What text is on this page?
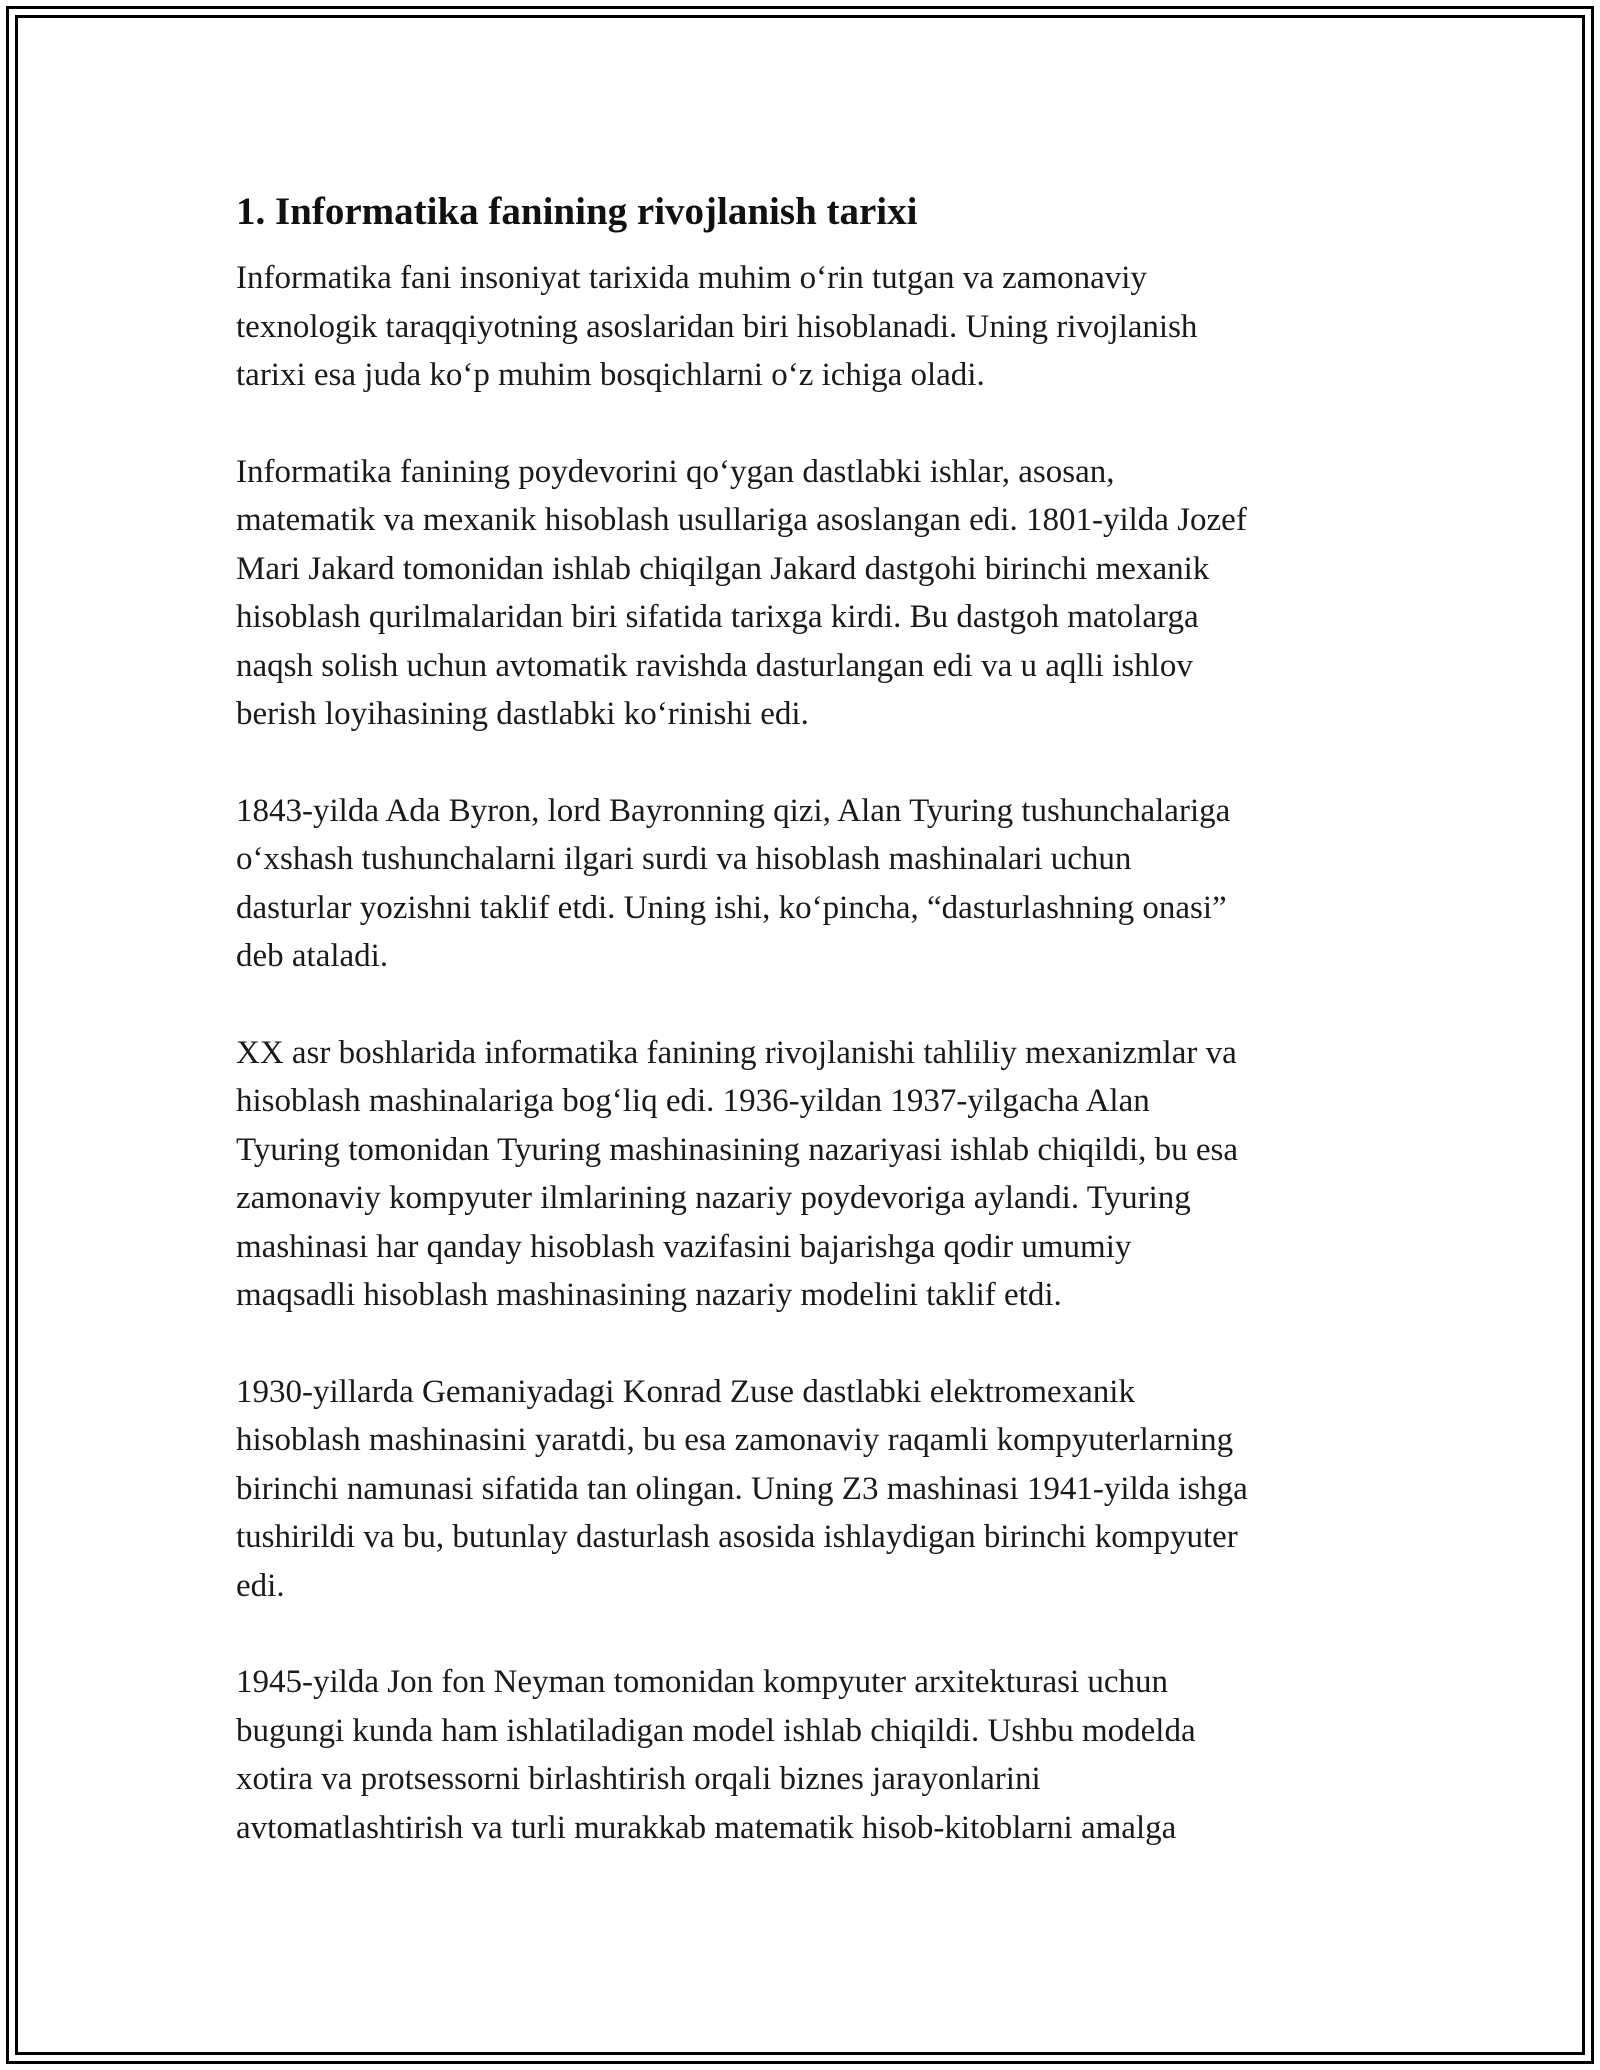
1. Informatika fanining rivojlanish tarixi

Informatika fani insoniyat tarixida muhim o‘rin tutgan va zamonaviy
texnologik taraqqiyotning asoslaridan biri hisoblanadi. Uning rivojlanish
tarixi esa juda ko‘p muhim bosqichlarni o‘z ichiga oladi.

Informatika fanining poydevorini qo‘ygan dastlabki ishlar, asosan,
matematik va mexanik hisoblash usullariga asoslangan edi. 1801-yilda Jozef
Mari Jakard tomonidan ishlab chiqilgan Jakard dastgohi birinchi mexanik
hisoblash qurilmalaridan biri sifatida tarixga kirdi. Bu dastgoh matolarga
naqsh solish uchun avtomatik ravishda dasturlangan edi va u aqlli ishlov
berish loyihasining dastlabki ko‘rinishi edi.

1843-yilda Ada Byron, lord Bayronning qizi, Alan Tyuring tushunchalariga
o‘xshash tushunchalarni ilgari surdi va hisoblash mashinalari uchun
dasturlar yozishni taklif etdi. Uning ishi, ko‘pincha, “dasturlashning onasi”
deb ataladi.

XX asr boshlarida informatika fanining rivojlanishi tahliliy mexanizmlar va
hisoblash mashinalariga bog‘liq edi. 1936-yildan 1937-yilgacha Alan
Tyuring tomonidan Tyuring mashinasining nazariyasi ishlab chiqildi, bu esa
zamonaviy kompyuter ilmlarining nazariy poydevoriga aylandi. Tyuring
mashinasi har qanday hisoblash vazifasini bajarishga qodir umumiy
maqsadli hisoblash mashinasining nazariy modelini taklif etdi.

1930-yillarda Gemaniyadagi Konrad Zuse dastlabki elektromexanik
hisoblash mashinasini yaratdi, bu esa zamonaviy raqamli kompyuterlarning
birinchi namunasi sifatida tan olingan. Uning Z3 mashinasi 1941-yilda ishga
tushirildi va bu, butunlay dasturlash asosida ishlaydigan birinchi kompyuter
edi.

1945-yilda Jon fon Neyman tomonidan kompyuter arxitekturasi uchun
bugungi kunda ham ishlatiladigan model ishlab chiqildi. Ushbu modelda
xotira va protsessorni birlashtirish orqali biznes jarayonlarini
avtomatlashtirish va turli murakkab matematik hisob-kitoblarni amalga
